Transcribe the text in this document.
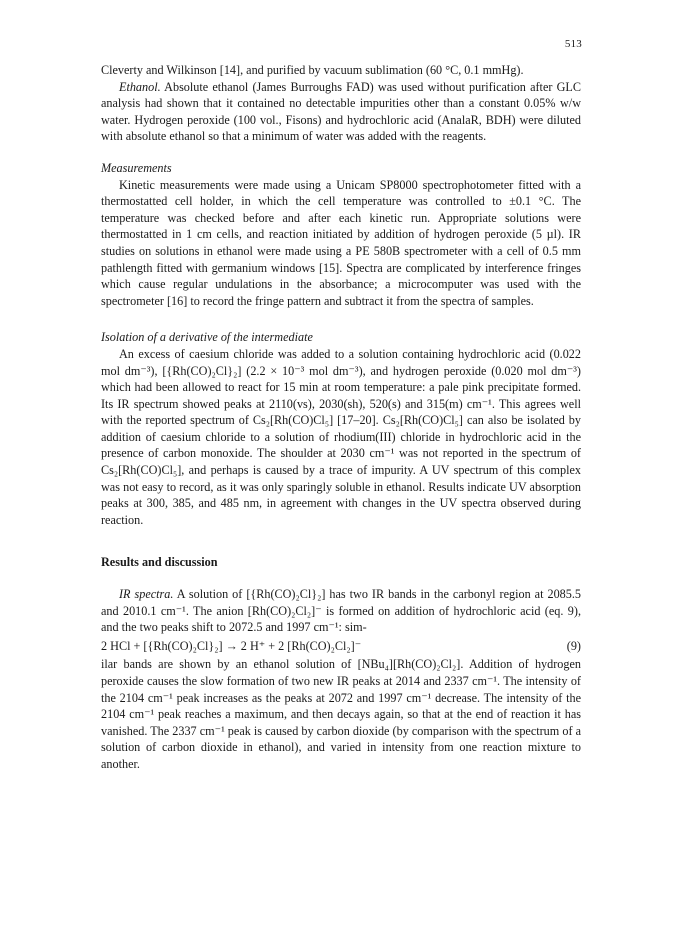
513

Cleverty and Wilkinson [14], and purified by vacuum sublimation (60 °C, 0.1 mmHg).

Ethanol. Absolute ethanol (James Burroughs FAD) was used without purification after GLC analysis had shown that it contained no detectable impurities other than a constant 0.05% w/w water. Hydrogen peroxide (100 vol., Fisons) and hydrochloric acid (AnalaR, BDH) were diluted with absolute ethanol so that a minimum of water was added with the reagents.

Measurements

Kinetic measurements were made using a Unicam SP8000 spectrophotometer fitted with a thermostatted cell holder, in which the cell temperature was controlled to ±0.1 °C. The temperature was checked before and after each kinetic run. Appropriate solutions were thermostatted in 1 cm cells, and reaction initiated by addition of hydrogen peroxide (5 µl). IR studies on solutions in ethanol were made using a PE 580B spectrometer with a cell of 0.5 mm pathlength fitted with germanium windows [15]. Spectra are complicated by interference fringes which cause regular undulations in the absorbance; a microcomputer was used with the spectrometer [16] to record the fringe pattern and subtract it from the spectra of samples.

Isolation of a derivative of the intermediate

An excess of caesium chloride was added to a solution containing hydrochloric acid (0.022 mol dm⁻³), [{Rh(CO)₂Cl}₂] (2.2 × 10⁻³ mol dm⁻³), and hydrogen peroxide (0.020 mol dm⁻³) which had been allowed to react for 15 min at room temperature: a pale pink precipitate formed. Its IR spectrum showed peaks at 2110(vs), 2030(sh), 520(s) and 315(m) cm⁻¹. This agrees well with the reported spectrum of Cs₂[Rh(CO)Cl₅] [17–20]. Cs₂[Rh(CO)Cl₅] can also be isolated by addition of caesium chloride to a solution of rhodium(III) chloride in hydrochloric acid in the presence of carbon monoxide. The shoulder at 2030 cm⁻¹ was not reported in the spectrum of Cs₂[Rh(CO)Cl₅], and perhaps is caused by a trace of impurity. A UV spectrum of this complex was not easy to record, as it was only sparingly soluble in ethanol. Results indicate UV absorption peaks at 300, 385, and 485 nm, in agreement with changes in the UV spectra observed during reaction.

Results and discussion

IR spectra. A solution of [{Rh(CO)₂Cl}₂] has two IR bands in the carbonyl region at 2085.5 and 2010.1 cm⁻¹. The anion [Rh(CO)₂Cl₂]⁻ is formed on addition of hydrochloric acid (eq. 9), and the two peaks shift to 2072.5 and 1997 cm⁻¹: sim-

2 HCl + [{Rh(CO)₂Cl}₂] → 2 H⁺ + 2 [Rh(CO)₂Cl₂]⁻	(9)

ilar bands are shown by an ethanol solution of [NBu₄][Rh(CO)₂Cl₂]. Addition of hydrogen peroxide causes the slow formation of two new IR peaks at 2014 and 2337 cm⁻¹. The intensity of the 2104 cm⁻¹ peak increases as the peaks at 2072 and 1997 cm⁻¹ decrease. The intensity of the 2104 cm⁻¹ peak reaches a maximum, and then decays again, so that at the end of reaction it has vanished. The 2337 cm⁻¹ peak is caused by carbon dioxide (by comparison with the spectrum of a solution of carbon dioxide in ethanol), and varied in intensity from one reaction mixture to another.
